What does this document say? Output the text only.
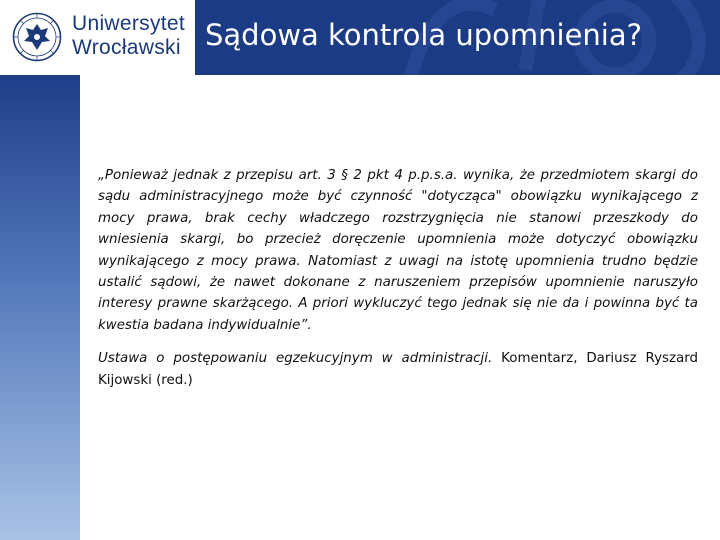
Uniwersytet
Wrocławski Sądowa kontrola upomnienia?

„Ponieważ jednak z przepisu art. 3 § 2 pkt 4 p.p.s.a. wynika, że przedmiotem skargi do sądu administracyjnego może być czynność "dotycząca" obowiązku wynikającego z mocy prawa, brak cechy władczego rozstrzygnięcia nie stanowi przeszkody do wniesienia skargi, bo przecież doręczenie upomnienia może dotyczyć obowiązku wynikającego z mocy prawa. Natomiast z uwagi na istotę upomnienia trudno będzie ustalić sądowi, że nawet dokonane z naruszeniem przepisów upomnienie naruszyło interesy prawne skarżącego. A priori wykluczyć tego jednak się nie da i powinna być ta kwestia badana indywidualnie”.

Ustawa o postępowaniu egzekucyjnym w administracji. Komentarz, Dariusz Ryszard Kijowski (red.)
